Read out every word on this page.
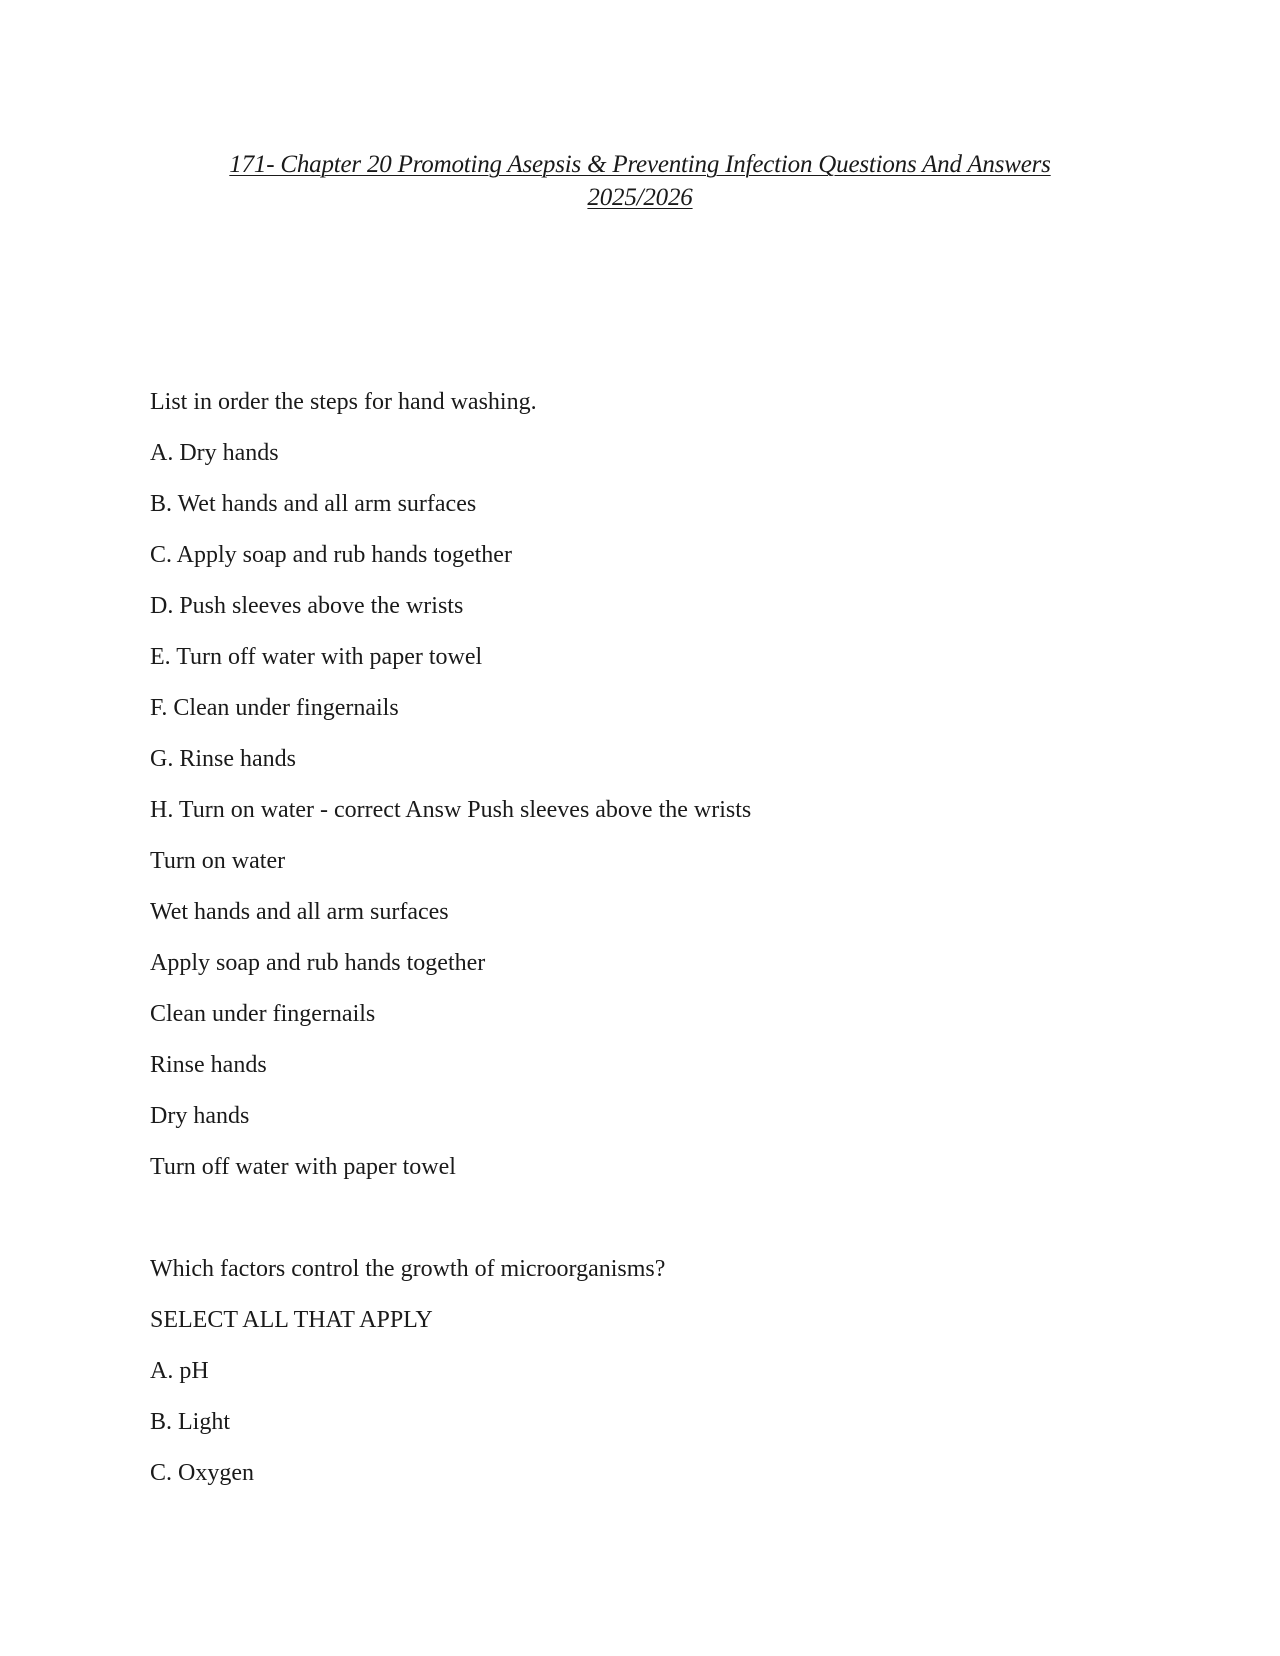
171- Chapter 20 Promoting Asepsis & Preventing Infection Questions And Answers
2025/2026
List in order the steps for hand washing.
A. Dry hands
B. Wet hands and all arm surfaces
C. Apply soap and rub hands together
D. Push sleeves above the wrists
E. Turn off water with paper towel
F. Clean under fingernails
G. Rinse hands
H. Turn on water - correct Answ Push sleeves above the wrists
Turn on water
Wet hands and all arm surfaces
Apply soap and rub hands together
Clean under fingernails
Rinse hands
Dry hands
Turn off water with paper towel
Which factors control the growth of microorganisms?
SELECT ALL THAT APPLY
A. pH
B. Light
C. Oxygen
